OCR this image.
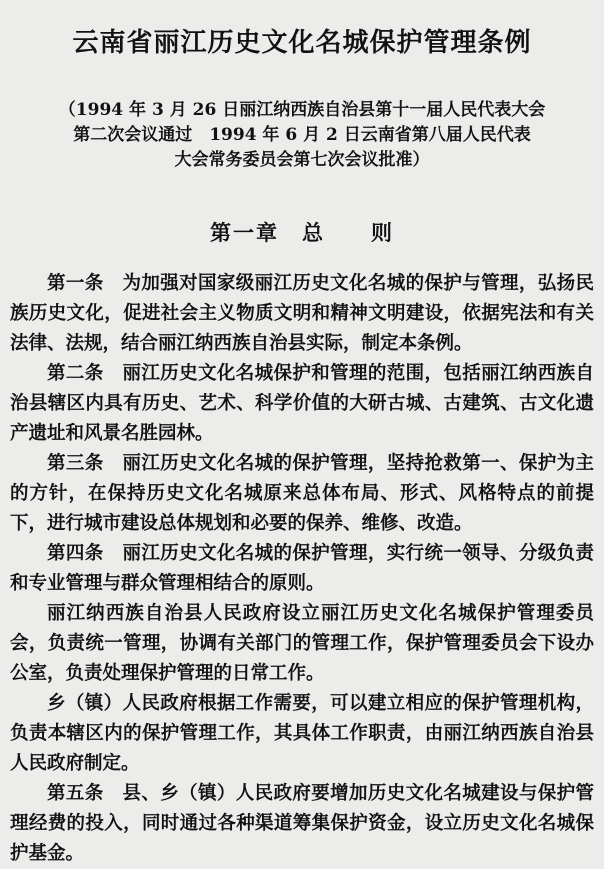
云南省丽江历史文化名城保护管理条例
（1994 年 3 月 26 日丽江纳西族自治县第十一届人民代表大会
第二次会议通过　1994 年 6 月 2 日云南省第八届人民代表
大会常务委员会第七次会议批准）
第一章　总　　则

第一条　为加强对国家级丽江历史文化名城的保护与管理，弘扬民族历史文化，促进社会主义物质文明和精神文明建设，依据宪法和有关法律、法规，结合丽江纳西族自治县实际，制定本条例。

第二条　丽江历史文化名城保护和管理的范围，包括丽江纳西族自治县辖区内具有历史、艺术、科学价值的大研古城、古建筑、古文化遗产遗址和风景名胜园林。

第三条　丽江历史文化名城的保护管理，坚持抢救第一、保护为主的方针，在保持历史文化名城原来总体布局、形式、风格特点的前提下，进行城市建设总体规划和必要的保养、维修、改造。

第四条　丽江历史文化名城的保护管理，实行统一领导、分级负责和专业管理与群众管理相结合的原则。

丽江纳西族自治县人民政府设立丽江历史文化名城保护管理委员会，负责统一管理，协调有关部门的管理工作，保护管理委员会下设办公室，负责处理保护管理的日常工作。

乡（镇）人民政府根据工作需要，可以建立相应的保护管理机构，负责本辖区内的保护管理工作，其具体工作职责，由丽江纳西族自治县人民政府制定。

第五条　县、乡（镇）人民政府要增加历史文化名城建设与保护管理经费的投入，同时通过各种渠道筹集保护资金，设立历史文化名城保护基金。
